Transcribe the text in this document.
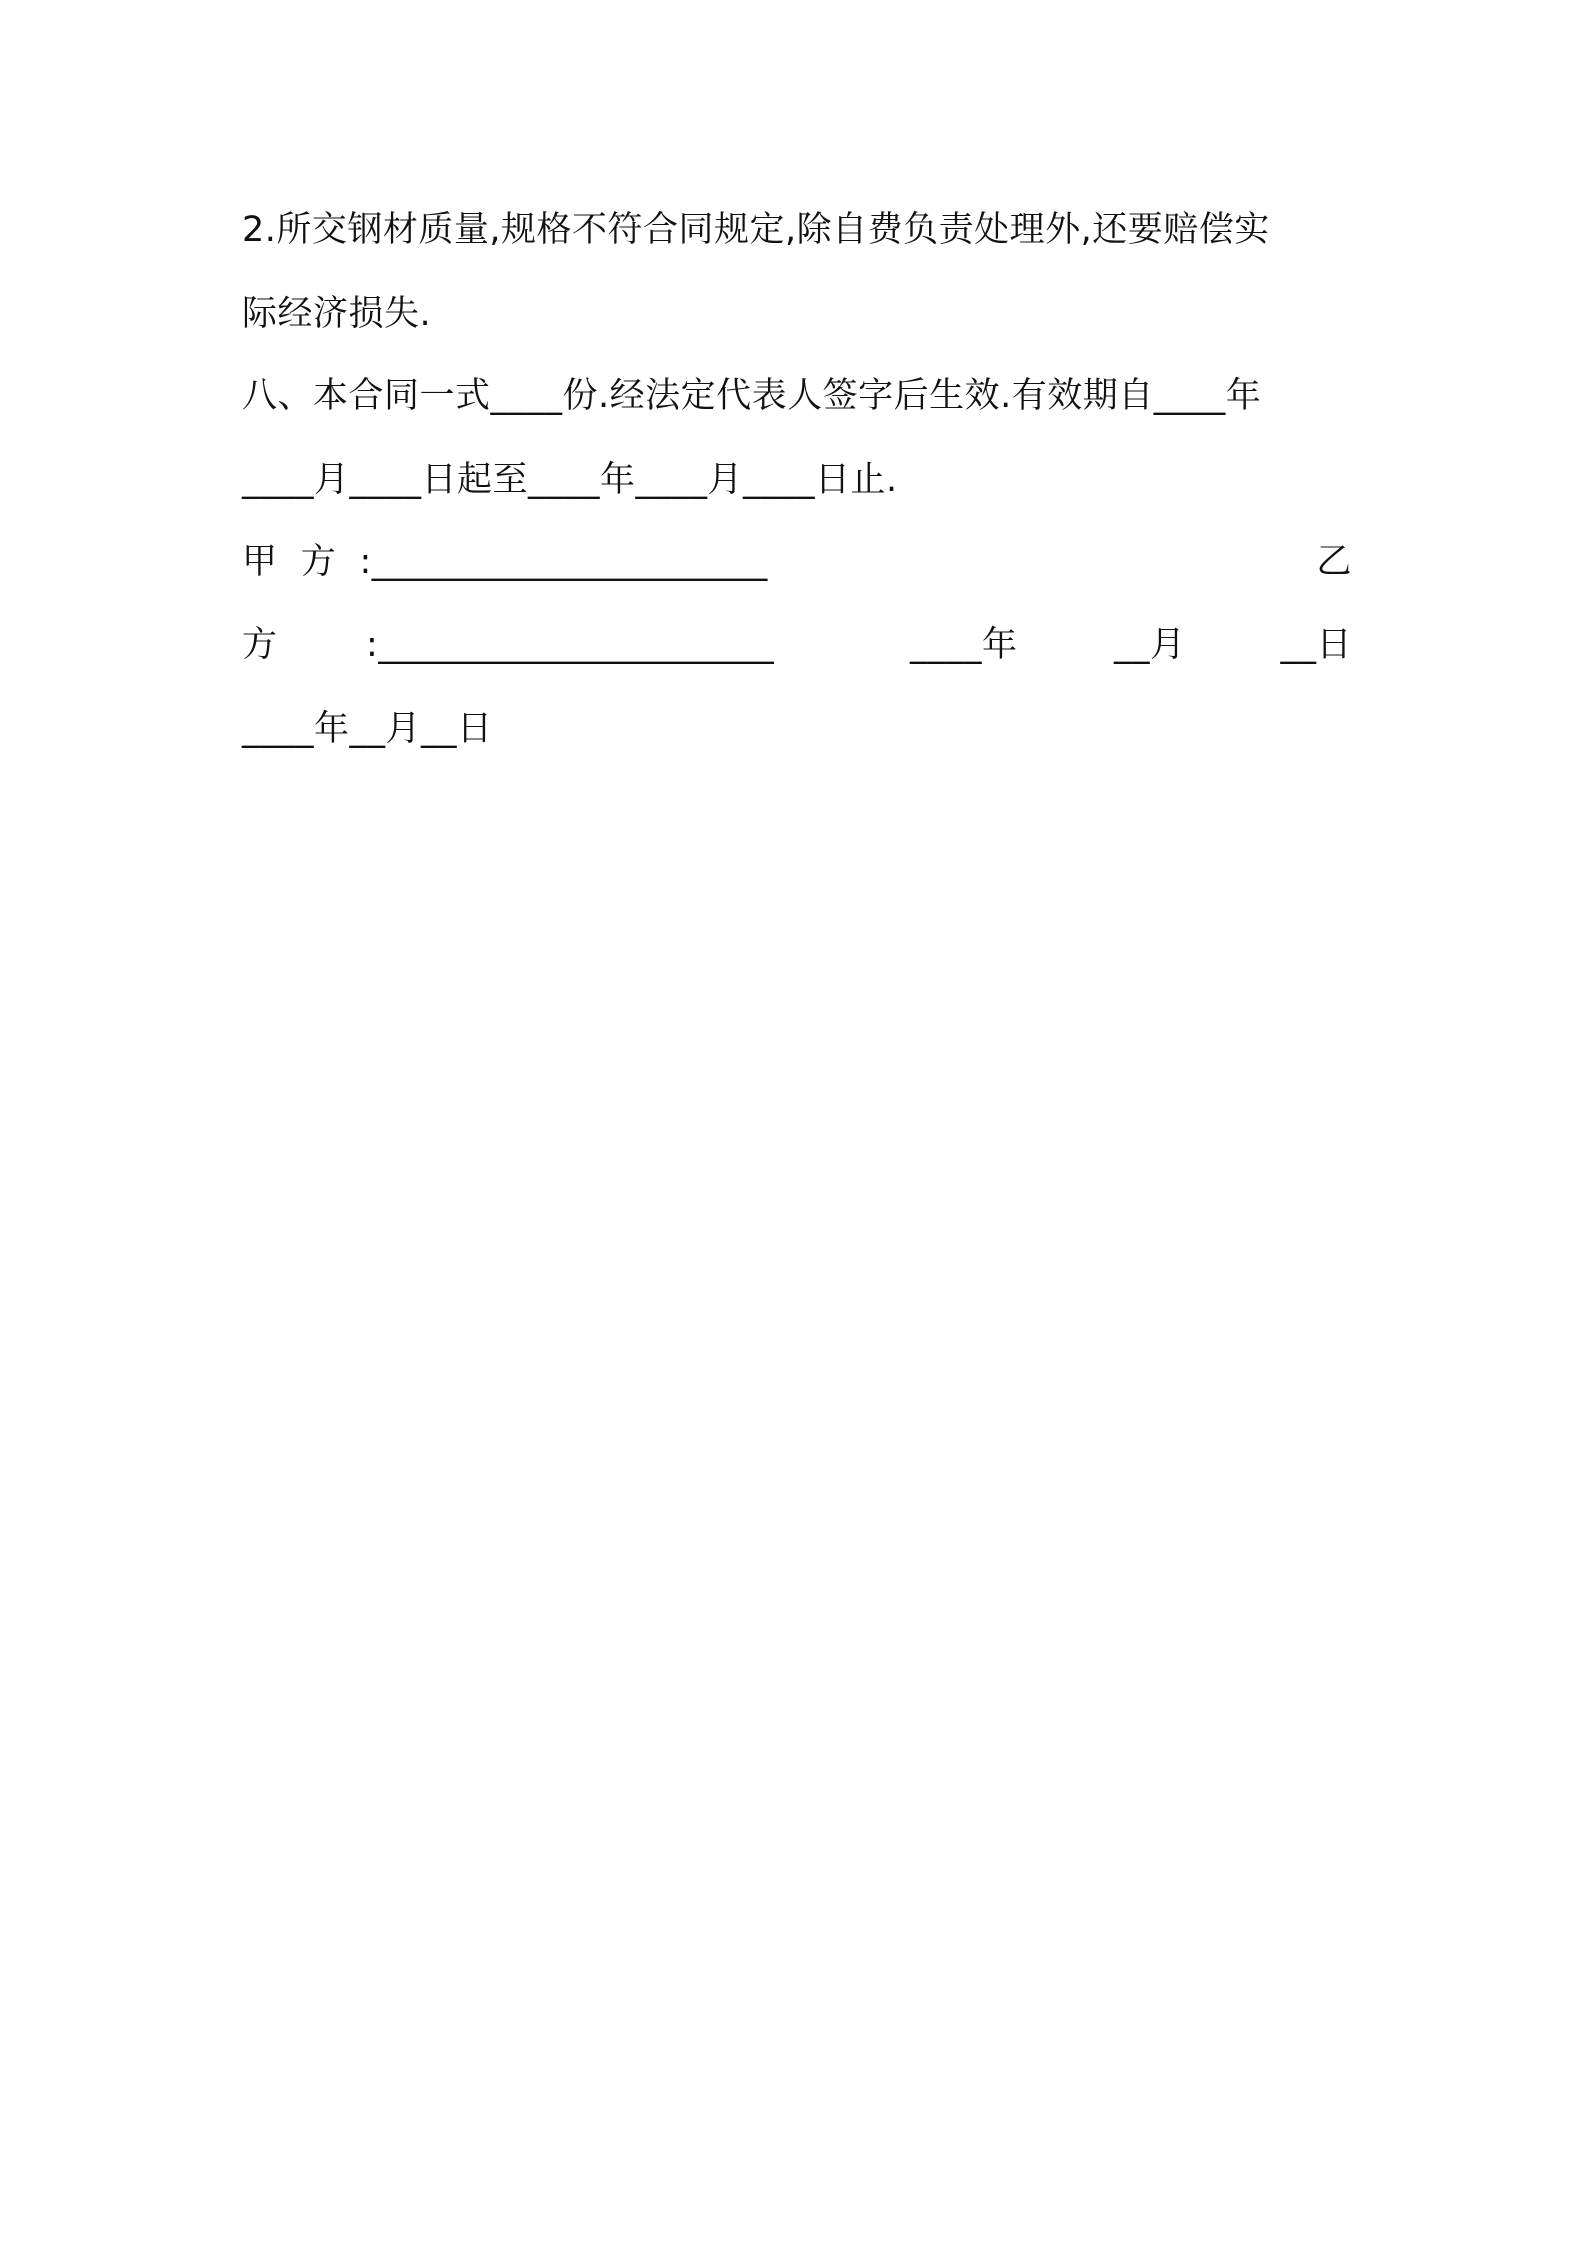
2.所交钢材质量,规格不符合同规定,除自费负责处理外,还要赔偿实
际经济损失.
八、本合同一式____份.经法定代表人签字后生效.有效期自____年
____月____日起至____年____月____日止.
甲  方  :______________________	乙
方	:______________________	____年	__月	__日
____年__月__日
